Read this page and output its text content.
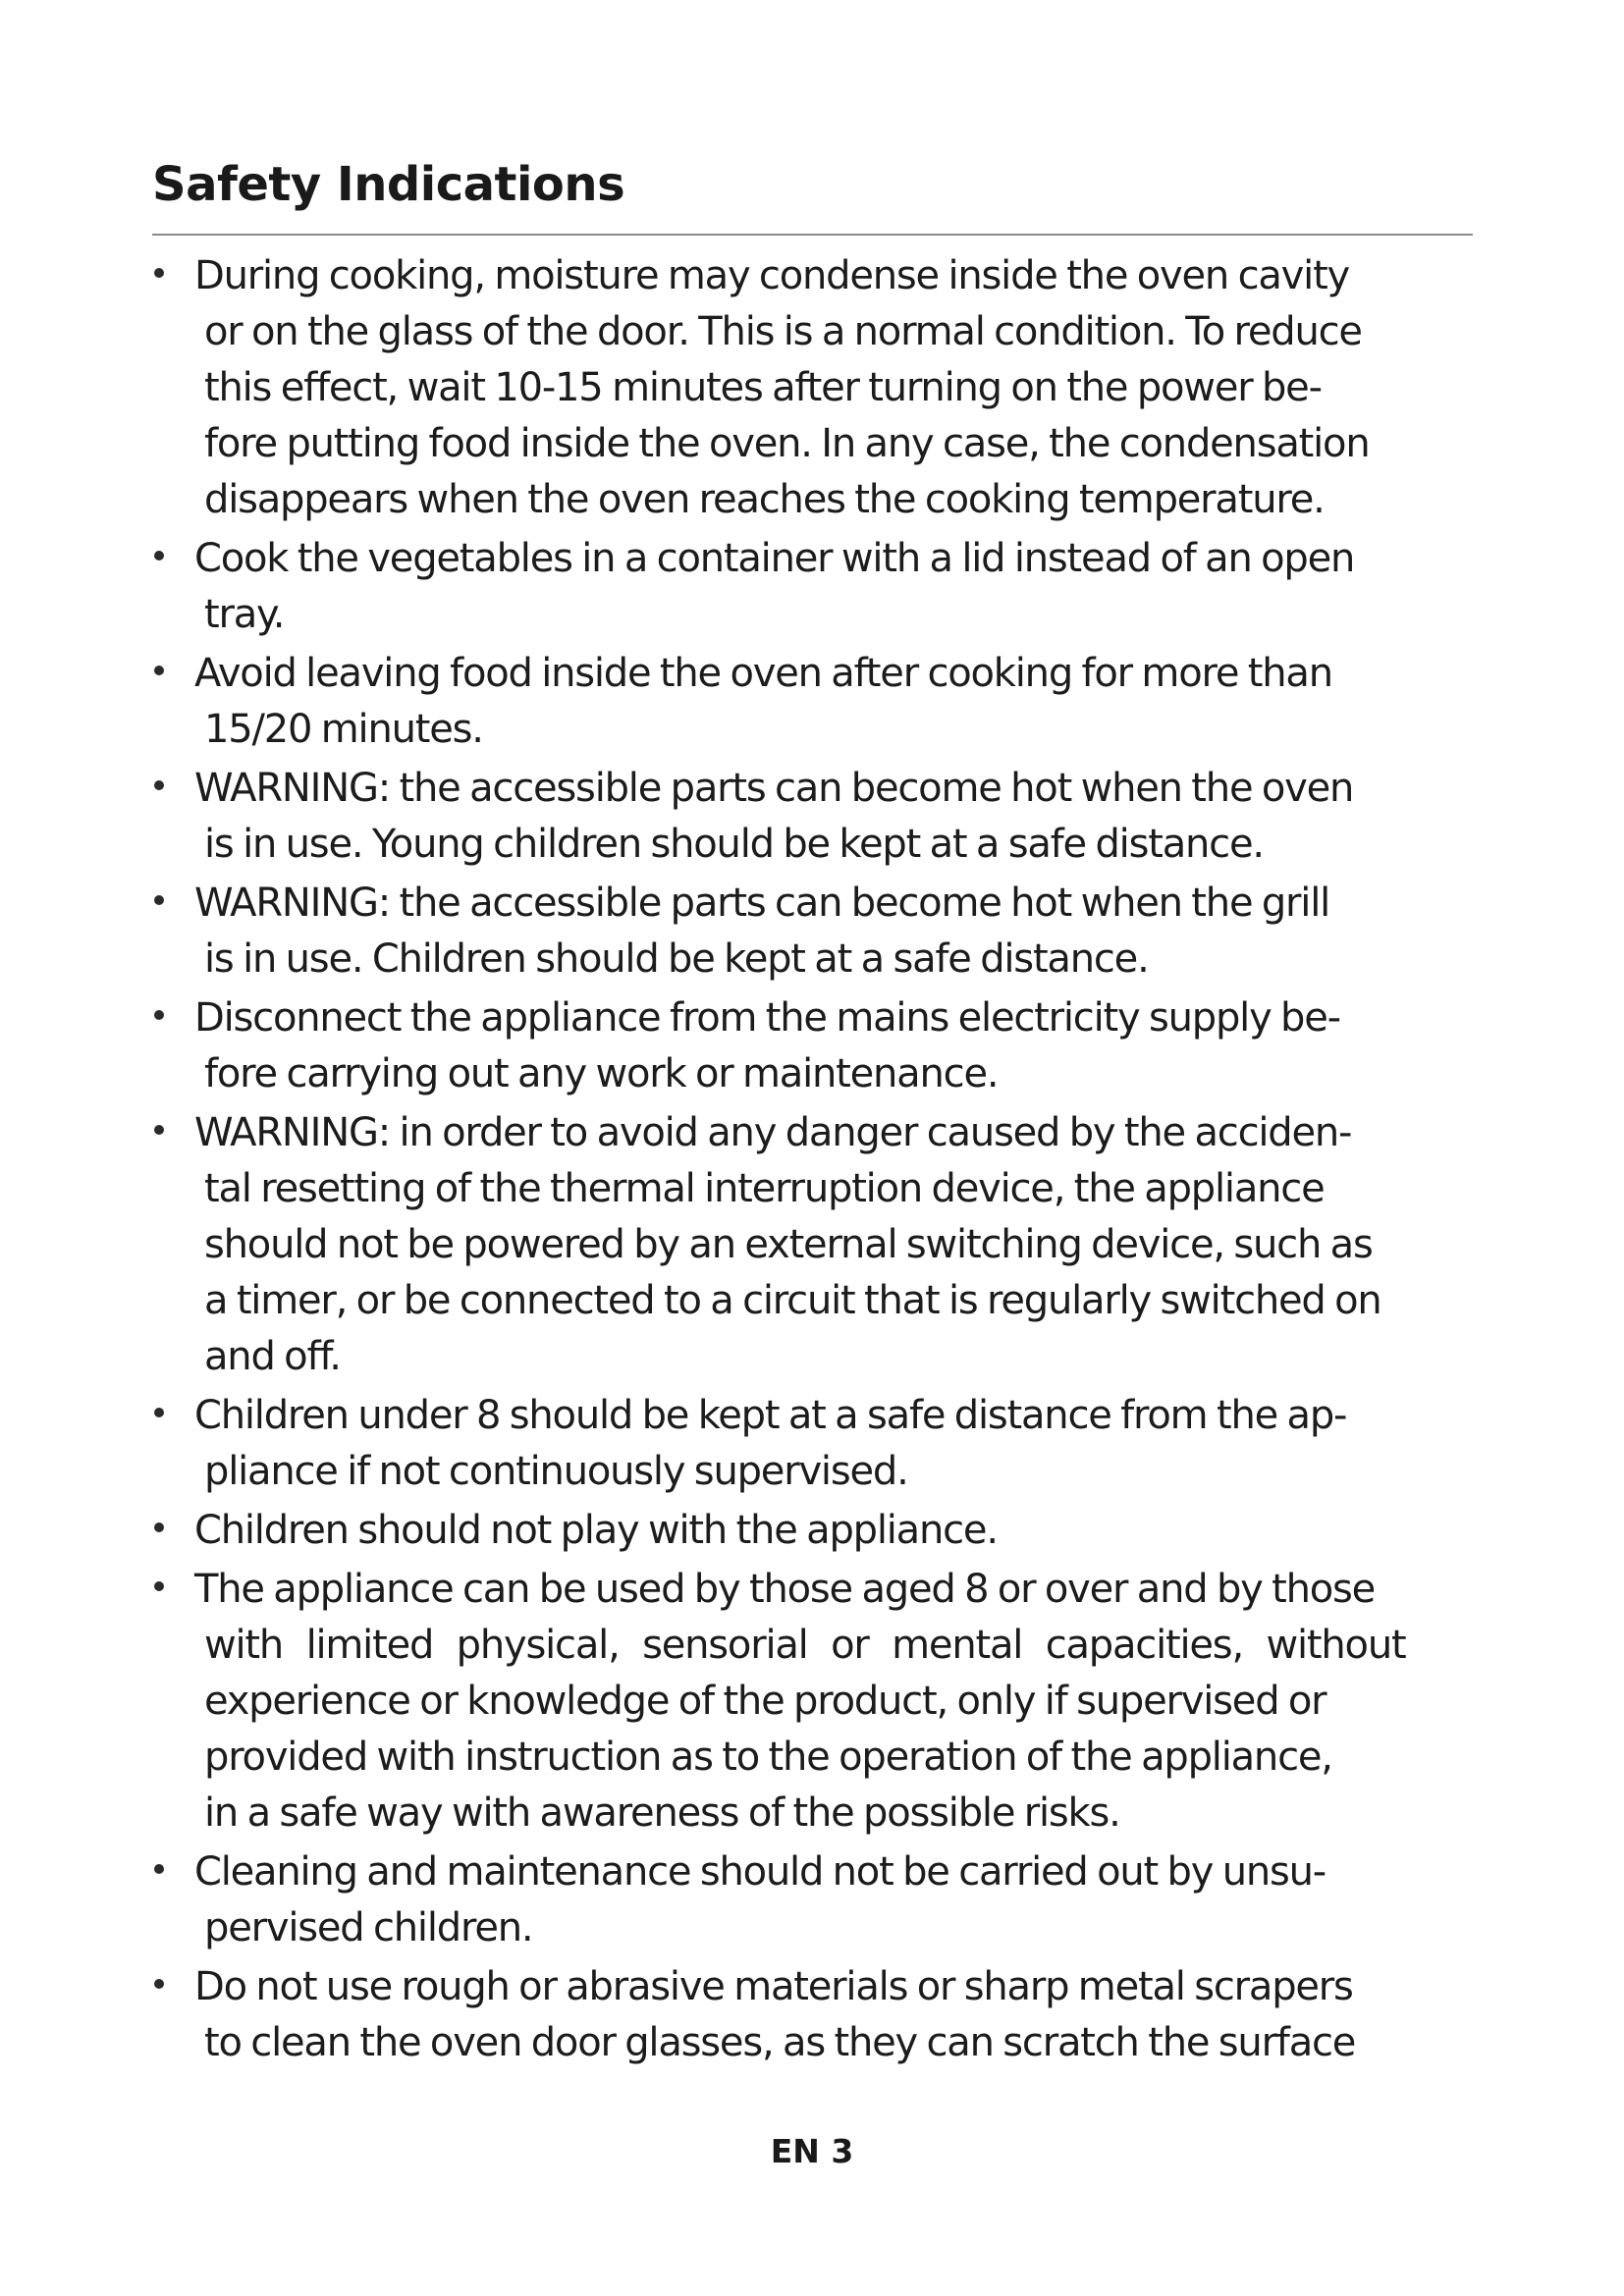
Safety Indications
During cooking, moisture may condense inside the oven cavity
or on the glass of the door. This is a normal condition. To reduce
this effect, wait 10-15 minutes after turning on the power be-
fore putting food inside the oven. In any case, the condensation
disappears when the oven reaches the cooking temperature.
Cook the vegetables in a container with a lid instead of an open
tray.
Avoid leaving food inside the oven after cooking for more than
15/20 minutes.
WARNING: the accessible parts can become hot when the oven
is in use. Young children should be kept at a safe distance.
WARNING: the accessible parts can become hot when the grill
is in use. Children should be kept at a safe distance.
Disconnect the appliance from the mains electricity supply be-
fore carrying out any work or maintenance.
WARNING: in order to avoid any danger caused by the acciden-
tal resetting of the thermal interruption device, the appliance
should not be powered by an external switching device, such as
a timer, or be connected to a circuit that is regularly switched on
and off.
Children under 8 should be kept at a safe distance from the ap-
pliance if not continuously supervised.
Children should not play with the appliance.
The appliance can be used by those aged 8 or over and by those
with limited physical, sensorial or mental capacities, without
experience or knowledge of the product, only if supervised or
provided with instruction as to the operation of the appliance,
in a safe way with awareness of the possible risks.
Cleaning and maintenance should not be carried out by unsu-
pervised children.
Do not use rough or abrasive materials or sharp metal scrapers
to clean the oven door glasses, as they can scratch the surface

EN 3
